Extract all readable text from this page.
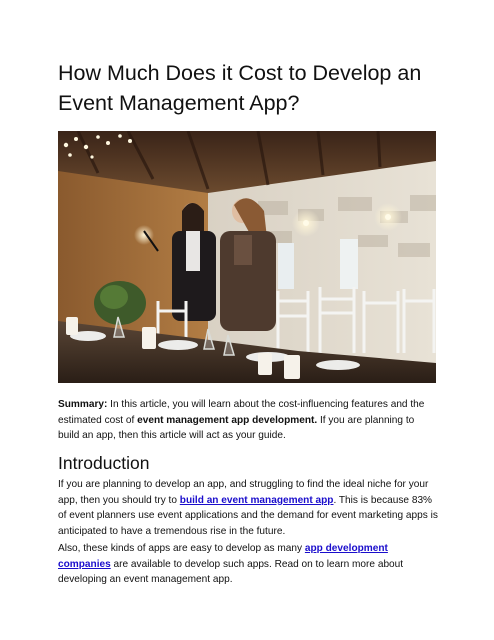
How Much Does it Cost to Develop an Event Management App?

Summary: In this article, you will learn about the cost-influencing features and the estimated cost of event management app development. If you are planning to build an app, then this article will act as your guide.

Introduction

If you are planning to develop an app, and struggling to find the ideal niche for your app, then you should try to build an event management app. This is because 83% of event planners use event applications and the demand for event marketing apps is anticipated to have a tremendous rise in the future.

Also, these kinds of apps are easy to develop as many app development companies are available to develop such apps. Read on to learn more about developing an event management app.
